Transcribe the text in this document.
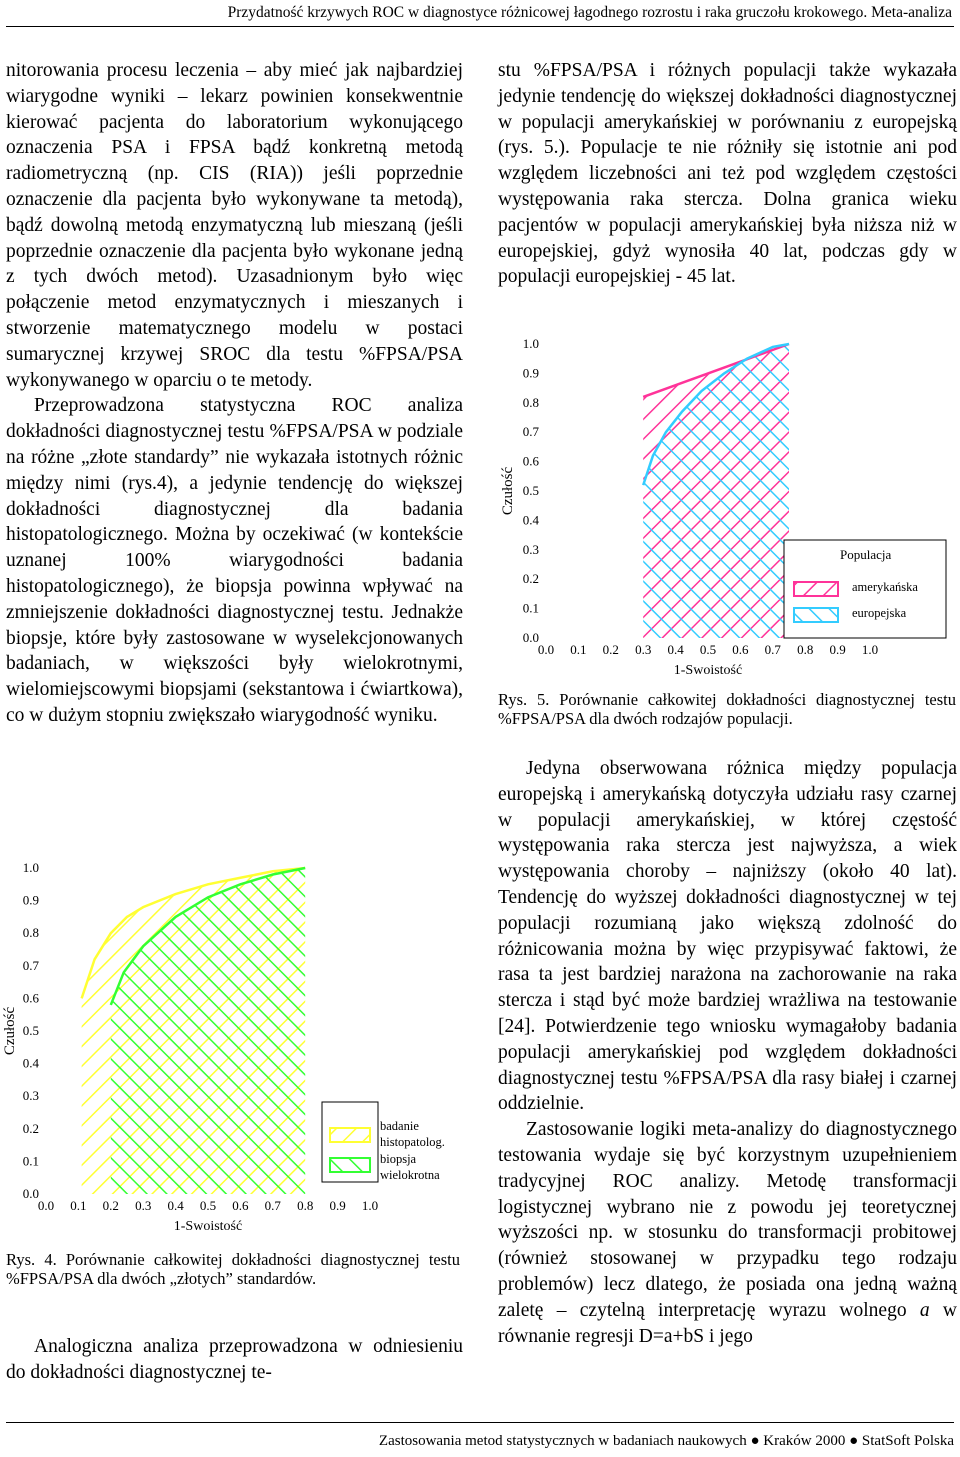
Przydatność krzywych ROC w diagnostyce różnicowej łagodnego rozrostu i raka gruczołu krokowego. Meta-analiza

nitorowania procesu leczenia – aby mieć jak najbardziej wiarygodne wyniki – lekarz powinien konsekwentnie kierować pacjenta do laboratorium wykonującego oznaczenia PSA i FPSA bądź konkretną metodą radiometryczną (np. CIS (RIA)) jeśli poprzednie oznaczenie dla pacjenta było wykonywane ta metodą), bądź dowolną metodą enzymatyczną lub mieszaną (jeśli poprzednie oznaczenie dla pacjenta było wykonane jedną z tych dwóch metod). Uzasadnionym było więc połączenie metod enzymatycznych i mieszanych i stworzenie matematycznego modelu w postaci sumarycznej krzywej SROC dla testu %FPSA/PSA wykonywanego w oparciu o te metody.

Przeprowadzona statystyczna ROC analiza dokładności diagnostycznej testu %FPSA/PSA w podziale na różne „złote standardy” nie wykazała istotnych różnic między nimi (rys.4), a jedynie tendencję do większej dokładności diagnostycznej dla badania histopatologicznego. Można by oczekiwać (w kontekście uznanej 100% wiarygodności badania histopatologicznego), że biopsja powinna wpływać na zmniejszenie dokładności diagnostycznej testu. Jednakże biopsje, które były zastosowane w wyselekcjonowanych badaniach, w większości były wielokrotnymi, wielomiejscowymi biopsjami (sekstantowa i ćwiartkowa), co w dużym stopniu zwiększało wiarygodność wyniku.

0.0
0.1
0.2
0.3
0.4
0.5
0.6
0.7
0.8
0.9
1.0
0.0 0.1 0.2 0.3 0.4 0.5 0.6 0.7 0.8 0.9 1.0
1-Swoistość
Czułość
badanie
histopatolog.
biopsja
wielokrotna
Rys. 4. Porównanie całkowitej dokładności diagnostycznej testu %FPSA/PSA dla dwóch „złotych” standardów.

Analogiczna analiza przeprowadzona w odniesieniu do dokładności diagnostycznej te-

stu %FPSA/PSA i różnych populacji także wykazała jedynie tendencję do większej dokładności diagnostycznej w populacji amerykańskiej w porównaniu z europejską (rys. 5.). Populacje te nie różniły się istotnie ani pod względem liczebności ani też pod względem częstości występowania raka stercza. Dolna granica wieku pacjentów w populacji amerykańskiej była niższa niż w europejskiej, gdyż wynosiła 40 lat, podczas gdy w populacji europejskiej - 45 lat.

0.0
0.1
0.2
0.3
0.4
0.5
0.6
0.7
0.8
0.9
1.0
0.0 0.1 0.2 0.3 0.4 0.5 0.6 0.7 0.8 0.9 1.0
1-Swoistość
Czułość
Populacja
amerykańska
europejska
Rys. 5. Porównanie całkowitej dokładności diagnostycznej testu %FPSA/PSA dla dwóch rodzajów populacji.

Jedyna obserwowana różnica między populacja europejską i amerykańską dotyczyła udziału rasy czarnej w populacji amerykańskiej, w której częstość występowania raka stercza jest najwyższa, a wiek występowania choroby – najniższy (około 40 lat). Tendencję do wyższej dokładności diagnostycznej w tej populacji rozumianą jako większą zdolność do różnicowania można by więc przypisywać faktowi, że rasa ta jest bardziej narażona na zachorowanie na raka stercza i stąd być może bardziej wrażliwa na testowanie [24]. Potwierdzenie tego wniosku wymagałoby badania populacji amerykańskiej pod względem dokładności diagnostycznej testu %FPSA/PSA dla rasy białej i czarnej oddzielnie.

Zastosowanie logiki meta-analizy do diagnostycznego testowania wydaje się być korzystnym uzupełnieniem tradycyjnej ROC analizy. Metodę transformacji logistycznej wybrano nie z powodu jej teoretycznej wyższości np. w stosunku do transformacji probitowej (również stosowanej w przypadku tego rodzaju problemów) lecz dlatego, że posiada ona jedną ważną zaletę – czytelną interpretację wyrazu wolnego a w równanie regresji D=a+bS i jego

Zastosowania metod statystycznych w badaniach naukowych ● Kraków 2000 ● StatSoft Polska
